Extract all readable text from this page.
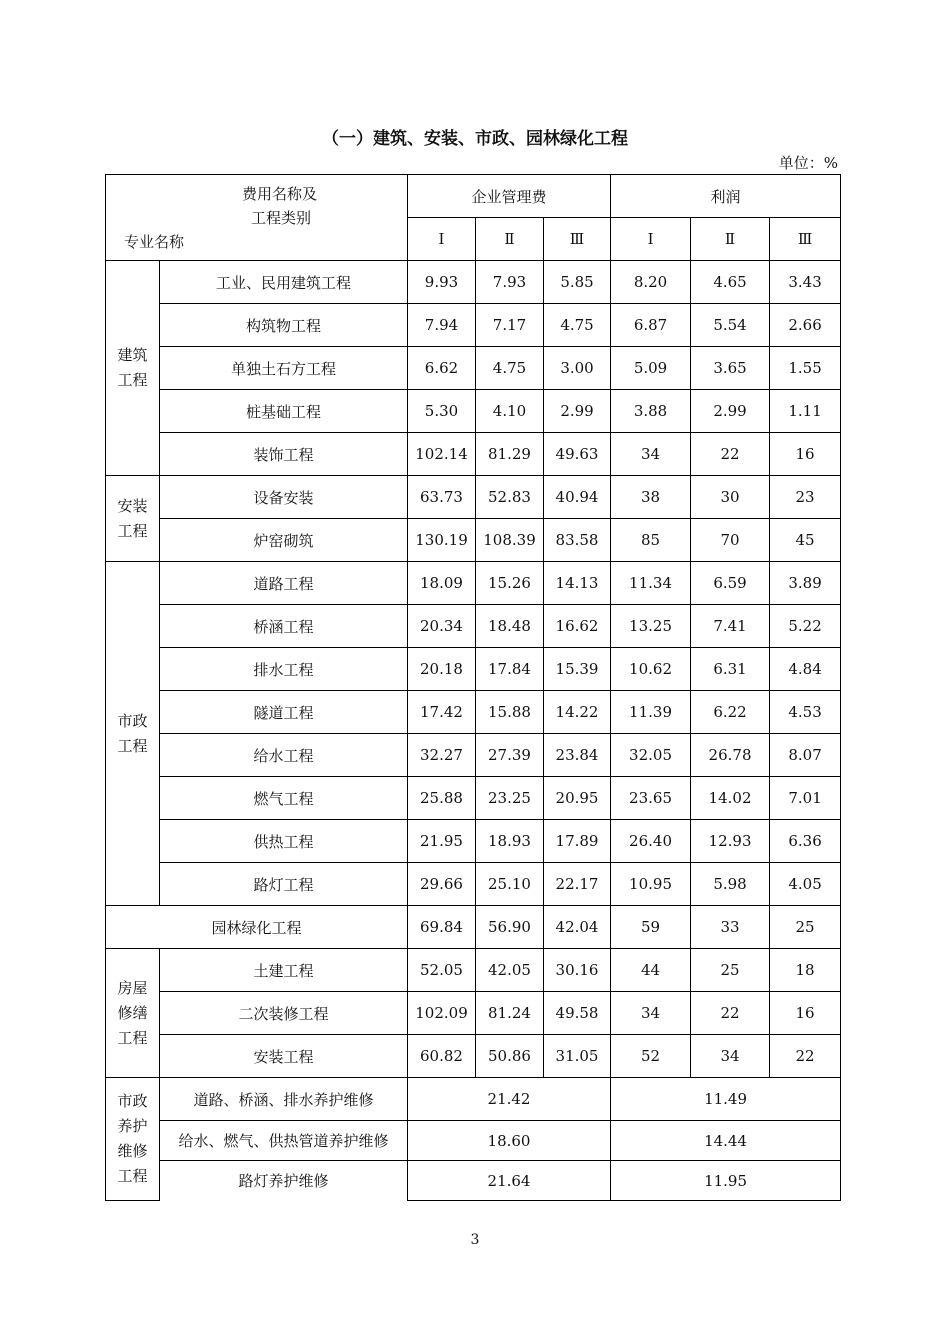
（一）建筑、安装、市政、园林绿化工程
单位：%
费用名称及
工程类别
专业名称		企业管理费			利润		
		I	Ⅱ	Ⅲ	I	Ⅱ	Ⅲ
建筑工程	工业、民用建筑工程	9.93	7.93	5.85	8.20	4.65	3.43
	构筑物工程	7.94	7.17	4.75	6.87	5.54	2.66
	单独土石方工程	6.62	4.75	3.00	5.09	3.65	1.55
	桩基础工程	5.30	4.10	2.99	3.88	2.99	1.11
	装饰工程	102.14	81.29	49.63	34	22	16
安装工程	设备安装	63.73	52.83	40.94	38	30	23
	炉窑砌筑	130.19	108.39	83.58	85	70	45
市政工程	道路工程	18.09	15.26	14.13	11.34	6.59	3.89
	桥涵工程	20.34	18.48	16.62	13.25	7.41	5.22
	排水工程	20.18	17.84	15.39	10.62	6.31	4.84
	隧道工程	17.42	15.88	14.22	11.39	6.22	4.53
	给水工程	32.27	27.39	23.84	32.05	26.78	8.07
	燃气工程	25.88	23.25	20.95	23.65	14.02	7.01
	供热工程	21.95	18.93	17.89	26.40	12.93	6.36
	路灯工程	29.66	25.10	22.17	10.95	5.98	4.05
园林绿化工程		69.84	56.90	42.04	59	33	25
房屋修缮工程	土建工程	52.05	42.05	30.16	44	25	18
	二次装修工程	102.09	81.24	49.58	34	22	16
	安装工程	60.82	50.86	31.05	52	34	22
市政养护维修工程	道路、桥涵、排水养护维修	21.42			11.49		
	给水、燃气、供热管道养护维修	18.60			14.44		
	路灯养护维修	21.64			11.95		
3
